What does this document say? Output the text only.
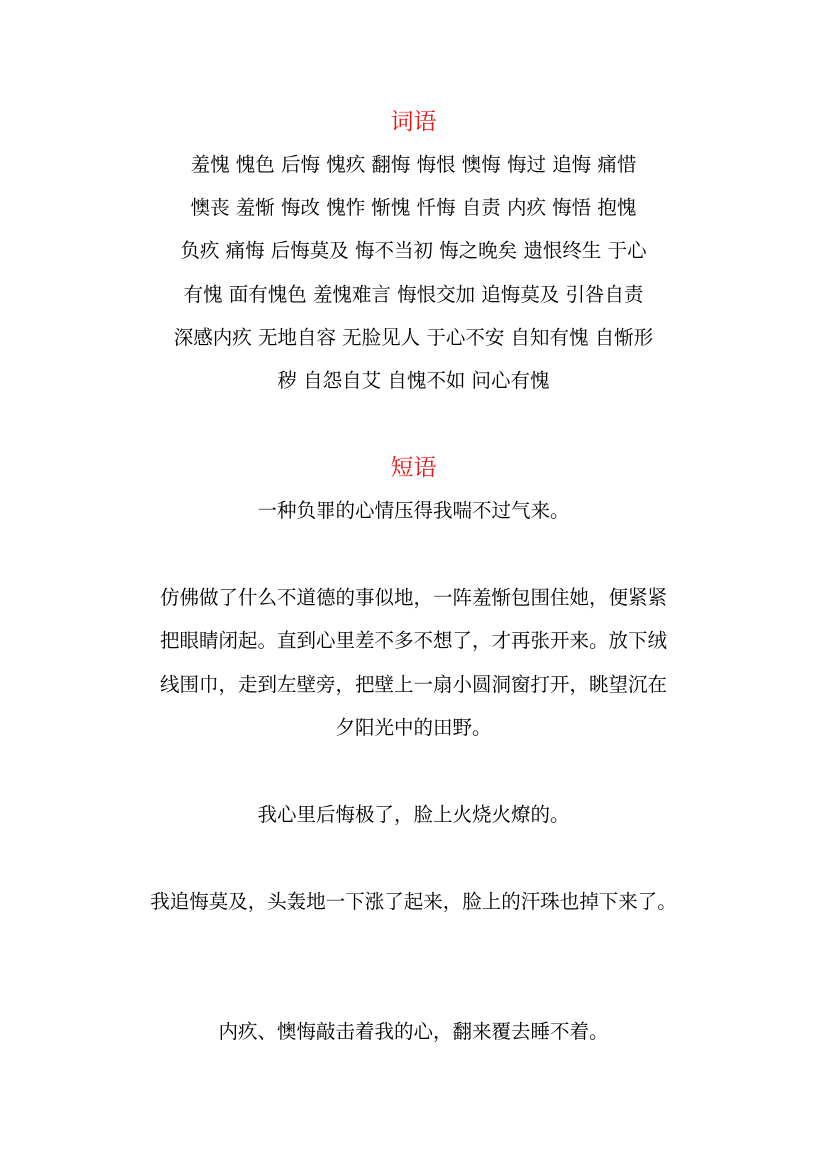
词语
羞愧 愧色 后悔 愧疚 翻悔 悔恨 懊悔 悔过 追悔 痛惜
懊丧 羞惭 悔改 愧怍 惭愧 忏悔 自责 内疚 悔悟 抱愧
负疚 痛悔 后悔莫及 悔不当初 悔之晚矣 遗恨终生 于心
有愧 面有愧色 羞愧难言 悔恨交加 追悔莫及 引咎自责
深感内疚 无地自容 无脸见人 于心不安 自知有愧 自惭形
秽 自怨自艾 自愧不如 问心有愧
短语
一种负罪的心情压得我喘不过气来。
仿佛做了什么不道德的事似地，一阵羞惭包围住她，便紧紧
把眼睛闭起。直到心里差不多不想了，才再张开来。放下绒
线围巾，走到左壁旁，把壁上一扇小圆洞窗打开，眺望沉在
夕阳光中的田野。
我心里后悔极了，脸上火烧火燎的。
我追悔莫及，头轰地一下涨了起来，脸上的汗珠也掉下来了。
内疚、懊悔敲击着我的心，翻来覆去睡不着。
